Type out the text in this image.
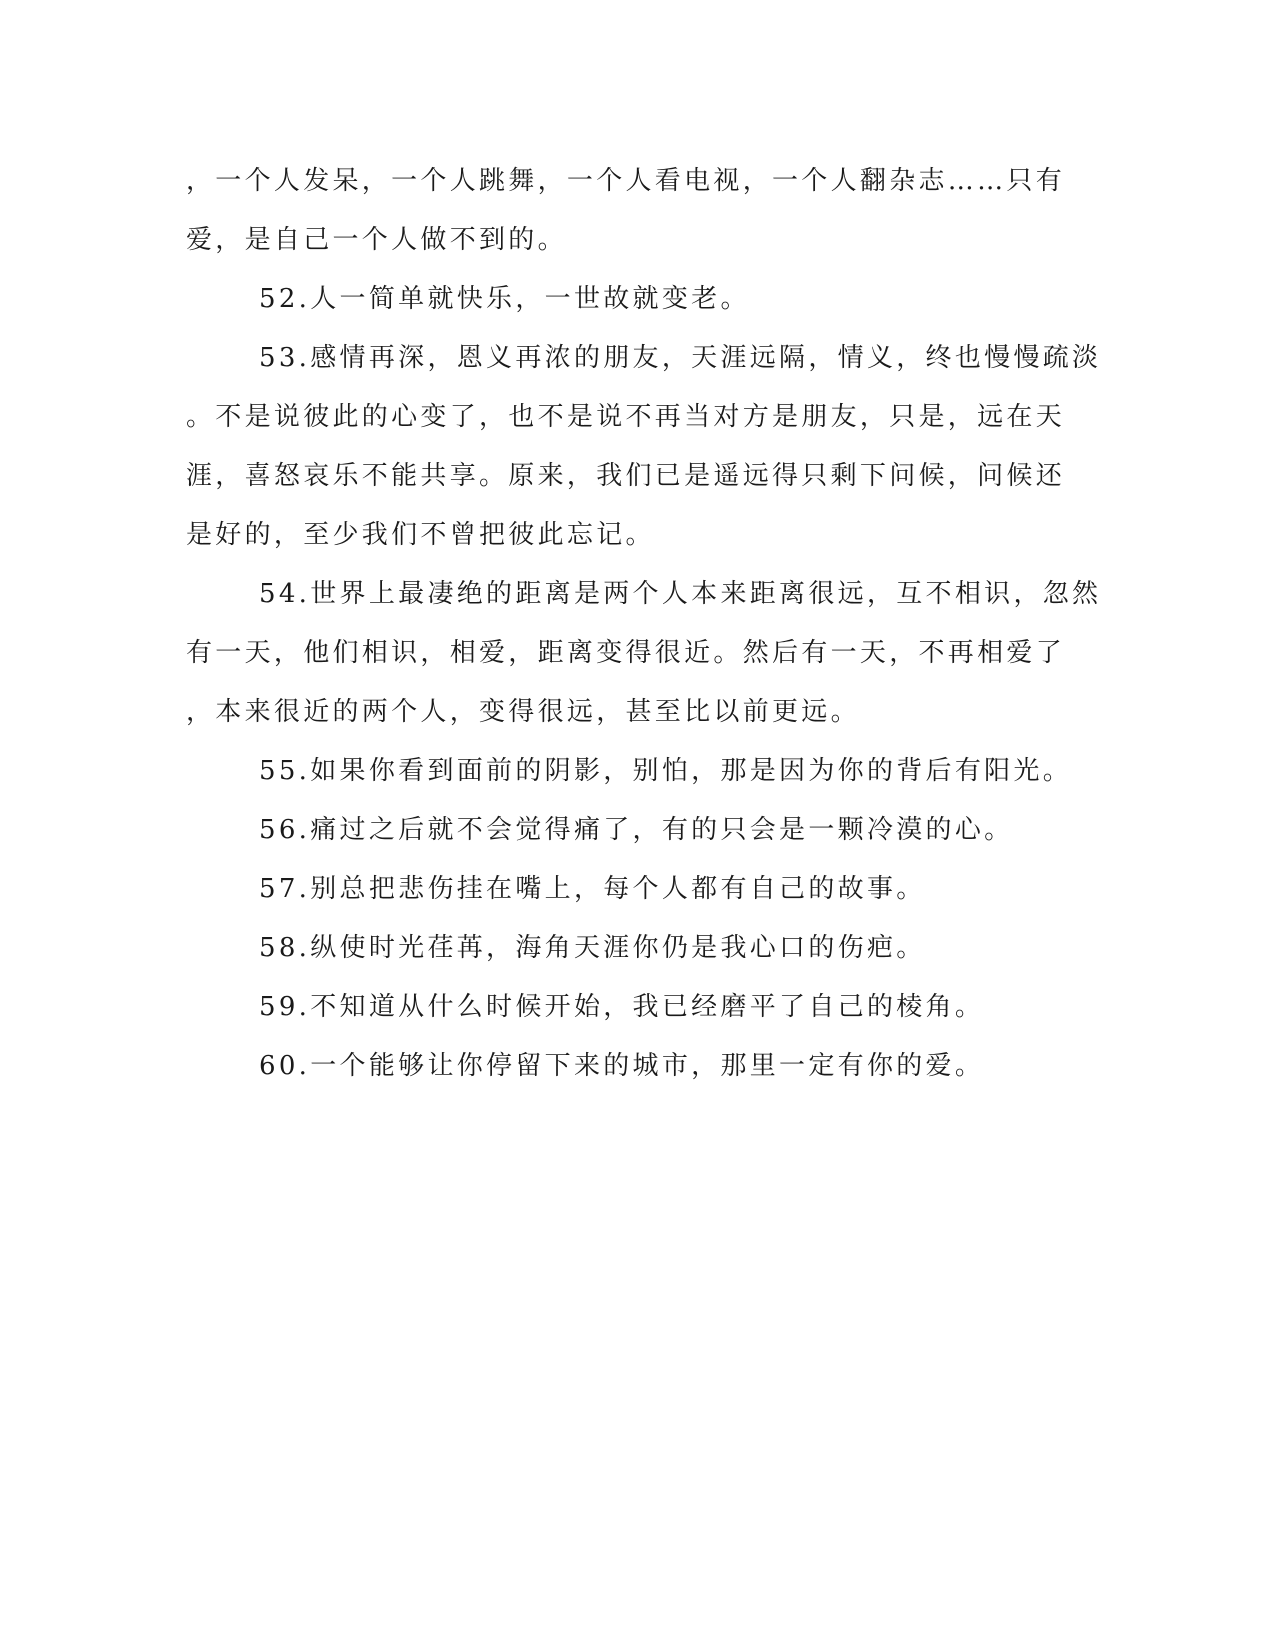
，一个人发呆，一个人跳舞，一个人看电视，一个人翻杂志……只有
爱，是自己一个人做不到的。
52.人一简单就快乐，一世故就变老。
53.感情再深，恩义再浓的朋友，天涯远隔，情义，终也慢慢疏淡
。不是说彼此的心变了，也不是说不再当对方是朋友，只是，远在天
涯，喜怒哀乐不能共享。原来，我们已是遥远得只剩下问候，问候还
是好的，至少我们不曾把彼此忘记。
54.世界上最凄绝的距离是两个人本来距离很远，互不相识，忽然
有一天，他们相识，相爱，距离变得很近。然后有一天，不再相爱了
，本来很近的两个人，变得很远，甚至比以前更远。
55.如果你看到面前的阴影，别怕，那是因为你的背后有阳光。
56.痛过之后就不会觉得痛了，有的只会是一颗冷漠的心。
57.别总把悲伤挂在嘴上，每个人都有自己的故事。
58.纵使时光荏苒，海角天涯你仍是我心口的伤疤。
59.不知道从什么时候开始，我已经磨平了自己的棱角。
60.一个能够让你停留下来的城市，那里一定有你的爱。
